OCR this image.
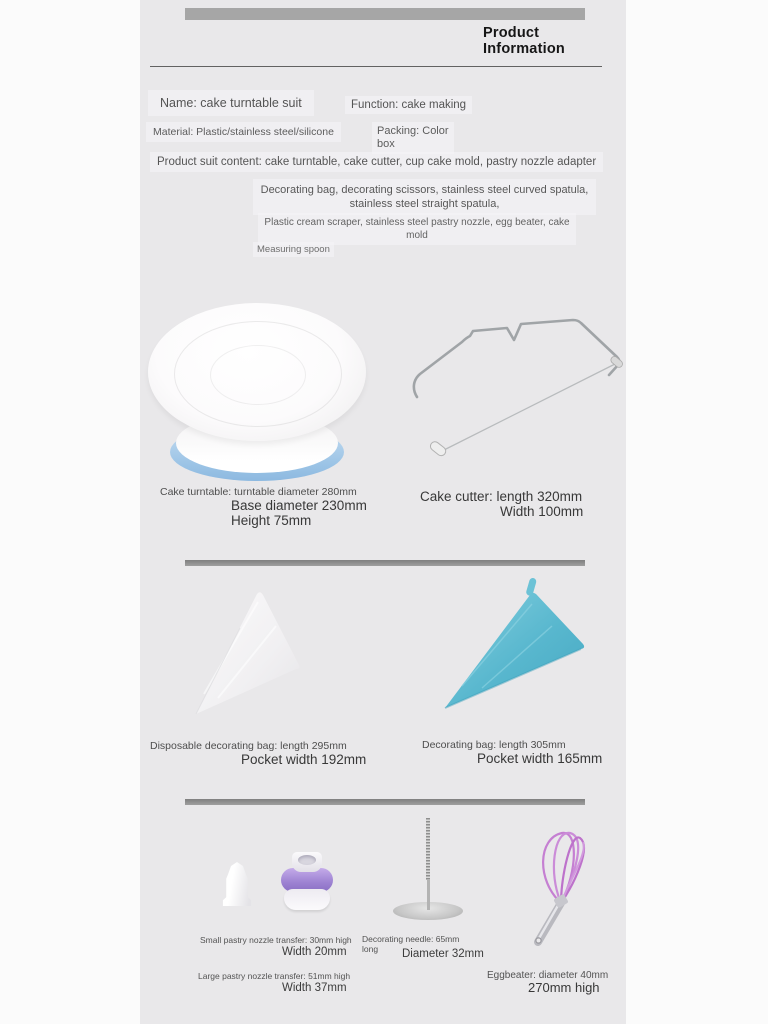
Product
Information
Name: cake turntable suit	Function: cake making
Material: Plastic/stainless steel/silicone	Packing: Color box
Product suit content: cake turntable, cake cutter, cup cake mold, pastry nozzle adapter
Decorating bag, decorating scissors, stainless steel curved spatula, stainless steel straight spatula,
Plastic cream scraper, stainless steel pastry nozzle, egg beater, cake mold
Measuring spoon
Cake turntable: turntable diameter 280mm
Base diameter 230mm
Height 75mm
Cake cutter: length 320mm
Width 100mm
Disposable decorating bag: length 295mm
Pocket width 192mm
Decorating bag: length 305mm
Pocket width 165mm
Small pastry nozzle transfer: 30mm high
Width 20mm
Large pastry nozzle transfer: 51mm high
Width 37mm
Decorating needle: 65mm long	Diameter 32mm
Eggbeater: diameter 40mm
270mm high
